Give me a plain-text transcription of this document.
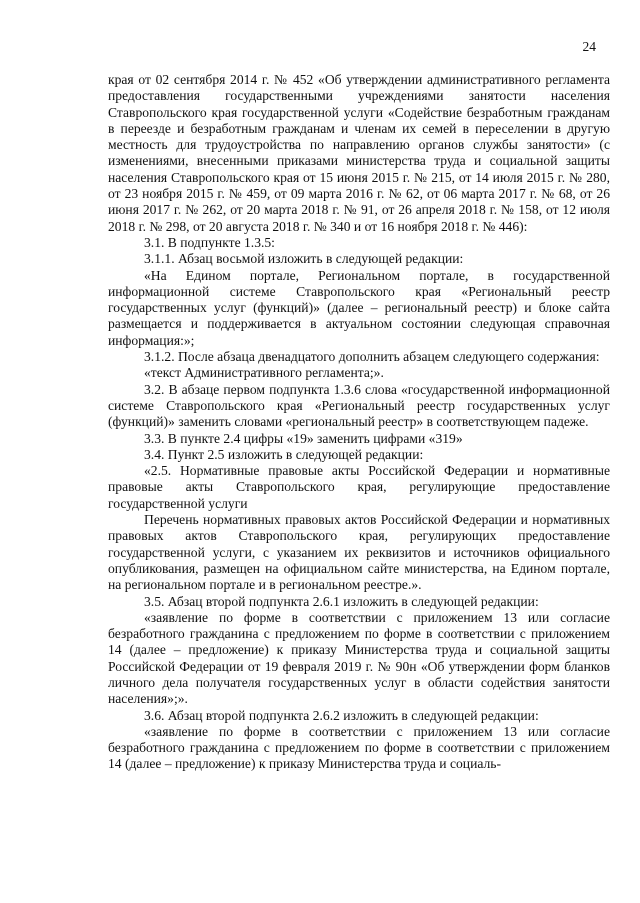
24

края от 02 сентября 2014 г. № 452 «Об утверждении административного регламента предоставления государственными учреждениями занятости населения Ставропольского края государственной услуги «Содействие безработным гражданам в переезде и безработным гражданам и членам их семей в переселении в другую местность для трудоустройства по направлению органов службы занятости» (с изменениями, внесенными приказами министерства труда и социальной защиты населения Ставропольского края от 15 июня 2015 г. № 215, от 14 июля 2015 г. № 280, от 23 ноября 2015 г. № 459, от 09 марта 2016 г. № 62, от 06 марта 2017 г. № 68, от 26 июня 2017 г. № 262, от 20 марта 2018 г. № 91, от 26 апреля 2018 г. № 158, от 12 июля 2018 г. № 298, от 20 августа 2018 г. № 340 и от 16 ноября 2018 г. № 446):

3.1. В подпункте 1.3.5:

3.1.1. Абзац восьмой изложить в следующей редакции:

«На Едином портале, Региональном портале, в государственной информационной системе Ставропольского края «Региональный реестр государственных услуг (функций)» (далее – региональный реестр) и блоке сайта размещается и поддерживается в актуальном состоянии следующая справочная информация:»;

3.1.2. После абзаца двенадцатого дополнить абзацем следующего содержания:

«текст Административного регламента;».

3.2. В абзаце первом подпункта 1.3.6 слова «государственной информационной системе Ставропольского края «Региональный реестр государственных услуг (функций)» заменить словами «региональный реестр» в соответствующем падеже.

3.3. В пункте 2.4 цифры «19» заменить цифрами «319»

3.4. Пункт 2.5 изложить в следующей редакции:

«2.5. Нормативные правовые акты Российской Федерации и нормативные правовые акты Ставропольского края, регулирующие предоставление государственной услуги

Перечень нормативных правовых актов Российской Федерации и нормативных правовых актов Ставропольского края, регулирующих предоставление государственной услуги, с указанием их реквизитов и источников официального опубликования, размещен на официальном сайте министерства, на Едином портале, на региональном портале и в региональном реестре.».

3.5. Абзац второй подпункта 2.6.1 изложить в следующей редакции:

«заявление по форме в соответствии с приложением 13 или согласие безработного гражданина с предложением по форме в соответствии с приложением 14 (далее – предложение) к приказу Министерства труда и социальной защиты Российской Федерации от 19 февраля 2019 г. № 90н «Об утверждении форм бланков личного дела получателя государственных услуг в области содействия занятости населения»;».

3.6. Абзац второй подпункта 2.6.2 изложить в следующей редакции:

«заявление по форме в соответствии с приложением 13 или согласие безработного гражданина с предложением по форме в соответствии с приложением 14 (далее – предложение) к приказу Министерства труда и социаль-
